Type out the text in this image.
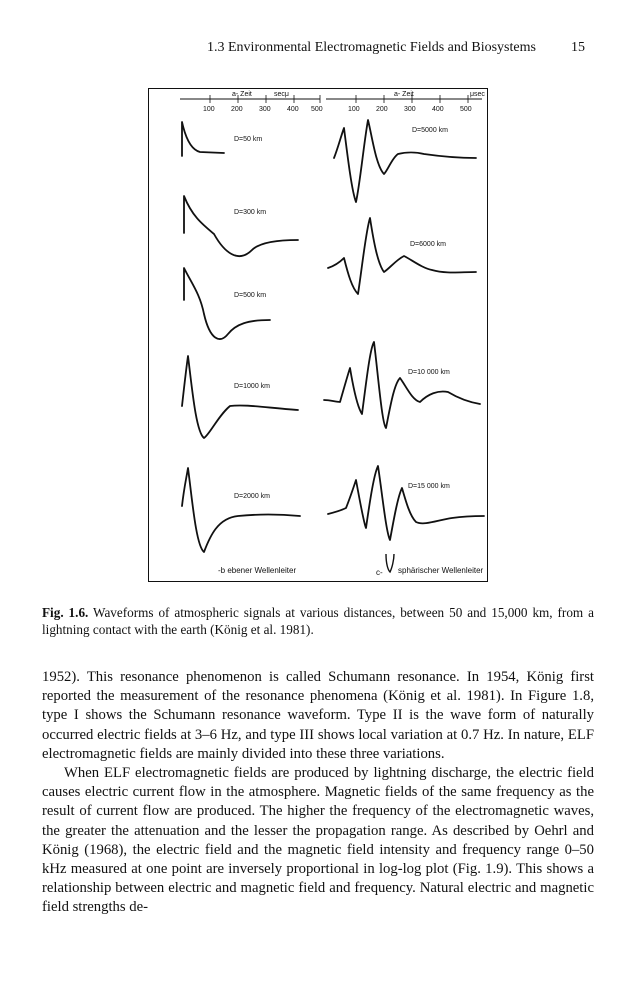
1.3 Environmental Electromagnetic Fields and Biosystems	15
a- Zeit	secμ
100 200 300 400 500
a- Zeit	μsec
100 200 300 400 500
D=50 km
D=300 km
D=500 km
D=1000 km
D=2000 km
D=5000 km
D=6000 km
D=10 000 km
D=15 000 km
-b ebener Wellenleiter	c- sphärischer Wellenleiter
Fig. 1.6. Waveforms of atmospheric signals at various distances, between 50 and 15,000 km, from a lightning contact with the earth (König et al. 1981).

1952). This resonance phenomenon is called Schumann resonance. In 1954, König first reported the measurement of the resonance phenomena (König et al. 1981). In Figure 1.8, type I shows the Schumann resonance waveform. Type II is the wave form of naturally occurred electric fields at 3–6 Hz, and type III shows local variation at 0.7 Hz. In nature, ELF electromagnetic fields are mainly divided into these three variations.

When ELF electromagnetic fields are produced by lightning discharge, the electric field causes electric current flow in the atmosphere. Magnetic fields of the same frequency as the result of current flow are produced. The higher the frequency of the electromagnetic waves, the greater the attenuation and the lesser the propagation range. As described by Oehrl and König (1968), the electric field and the magnetic field intensity and frequency range 0–50 kHz measured at one point are inversely proportional in log-log plot (Fig. 1.9). This shows a relationship between electric and magnetic field and frequency. Natural electric and magnetic field strengths de-
